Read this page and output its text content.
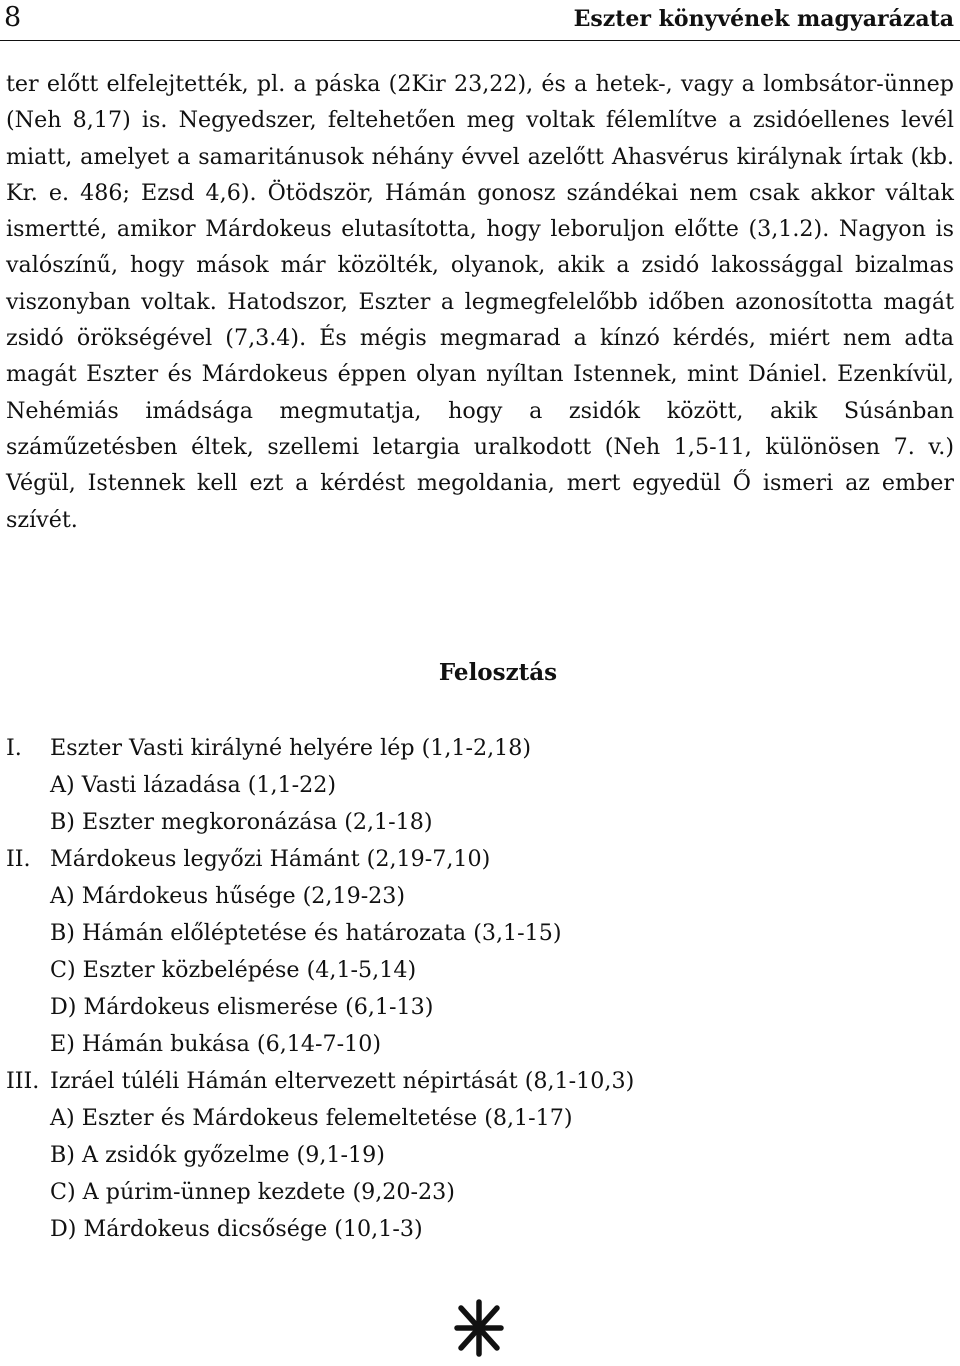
8	Eszter könyvének magyarázata

ter előtt elfelejtették, pl. a páska (2Kir 23,22), és a hetek-, vagy a lombsátor-ünnep (Neh 8,17) is. Negyedszer, feltehetően meg voltak félemlítve a zsidóellenes levél miatt, amelyet a samaritánusok néhány évvel azelőtt Ahasvérus királynak írtak (kb. Kr. e. 486; Ezsd 4,6). Ötödször, Hámán gonosz szándékai nem csak akkor váltak ismertté, amikor Márdokeus elutasította, hogy leboruljon előtte (3,1.2). Nagyon is valószínű, hogy mások már közölték, olyanok, akik a zsidó lakossággal bizalmas viszonyban voltak. Hatodszor, Eszter a legmegfelelőbb időben azonosította magát zsidó örökségével (7,3.4). És mégis megmarad a kínzó kérdés, miért nem adta magát Eszter és Márdokeus éppen olyan nyíltan Istennek, mint Dániel. Ezenkívül, Nehémiás imádsága megmutatja, hogy a zsidók között, akik Súsánban száműzetésben éltek, szellemi letargia uralkodott (Neh 1,5-11, különösen 7. v.) Végül, Istennek kell ezt a kérdést megoldania, mert egyedül Ő ismeri az ember szívét.

Felosztás
I. Eszter Vasti királyné helyére lép (1,1-2,18)
A) Vasti lázadása (1,1-22)
B) Eszter megkoronázása (2,1-18)
II. Márdokeus legyőzi Hámánt (2,19-7,10)
A) Márdokeus hűsége (2,19-23)
B) Hámán előléptetése és határozata (3,1-15)
C) Eszter közbelépése (4,1-5,14)
D) Márdokeus elismerése (6,1-13)
E) Hámán bukása (6,14-7-10)
III. Izráel túléli Hámán eltervezett népirtását (8,1-10,3)
A) Eszter és Márdokeus felemeltetése (8,1-17)
B) A zsidók győzelme (9,1-19)
C) A púrim-ünnep kezdete (9,20-23)
D) Márdokeus dicsősége (10,1-3)
